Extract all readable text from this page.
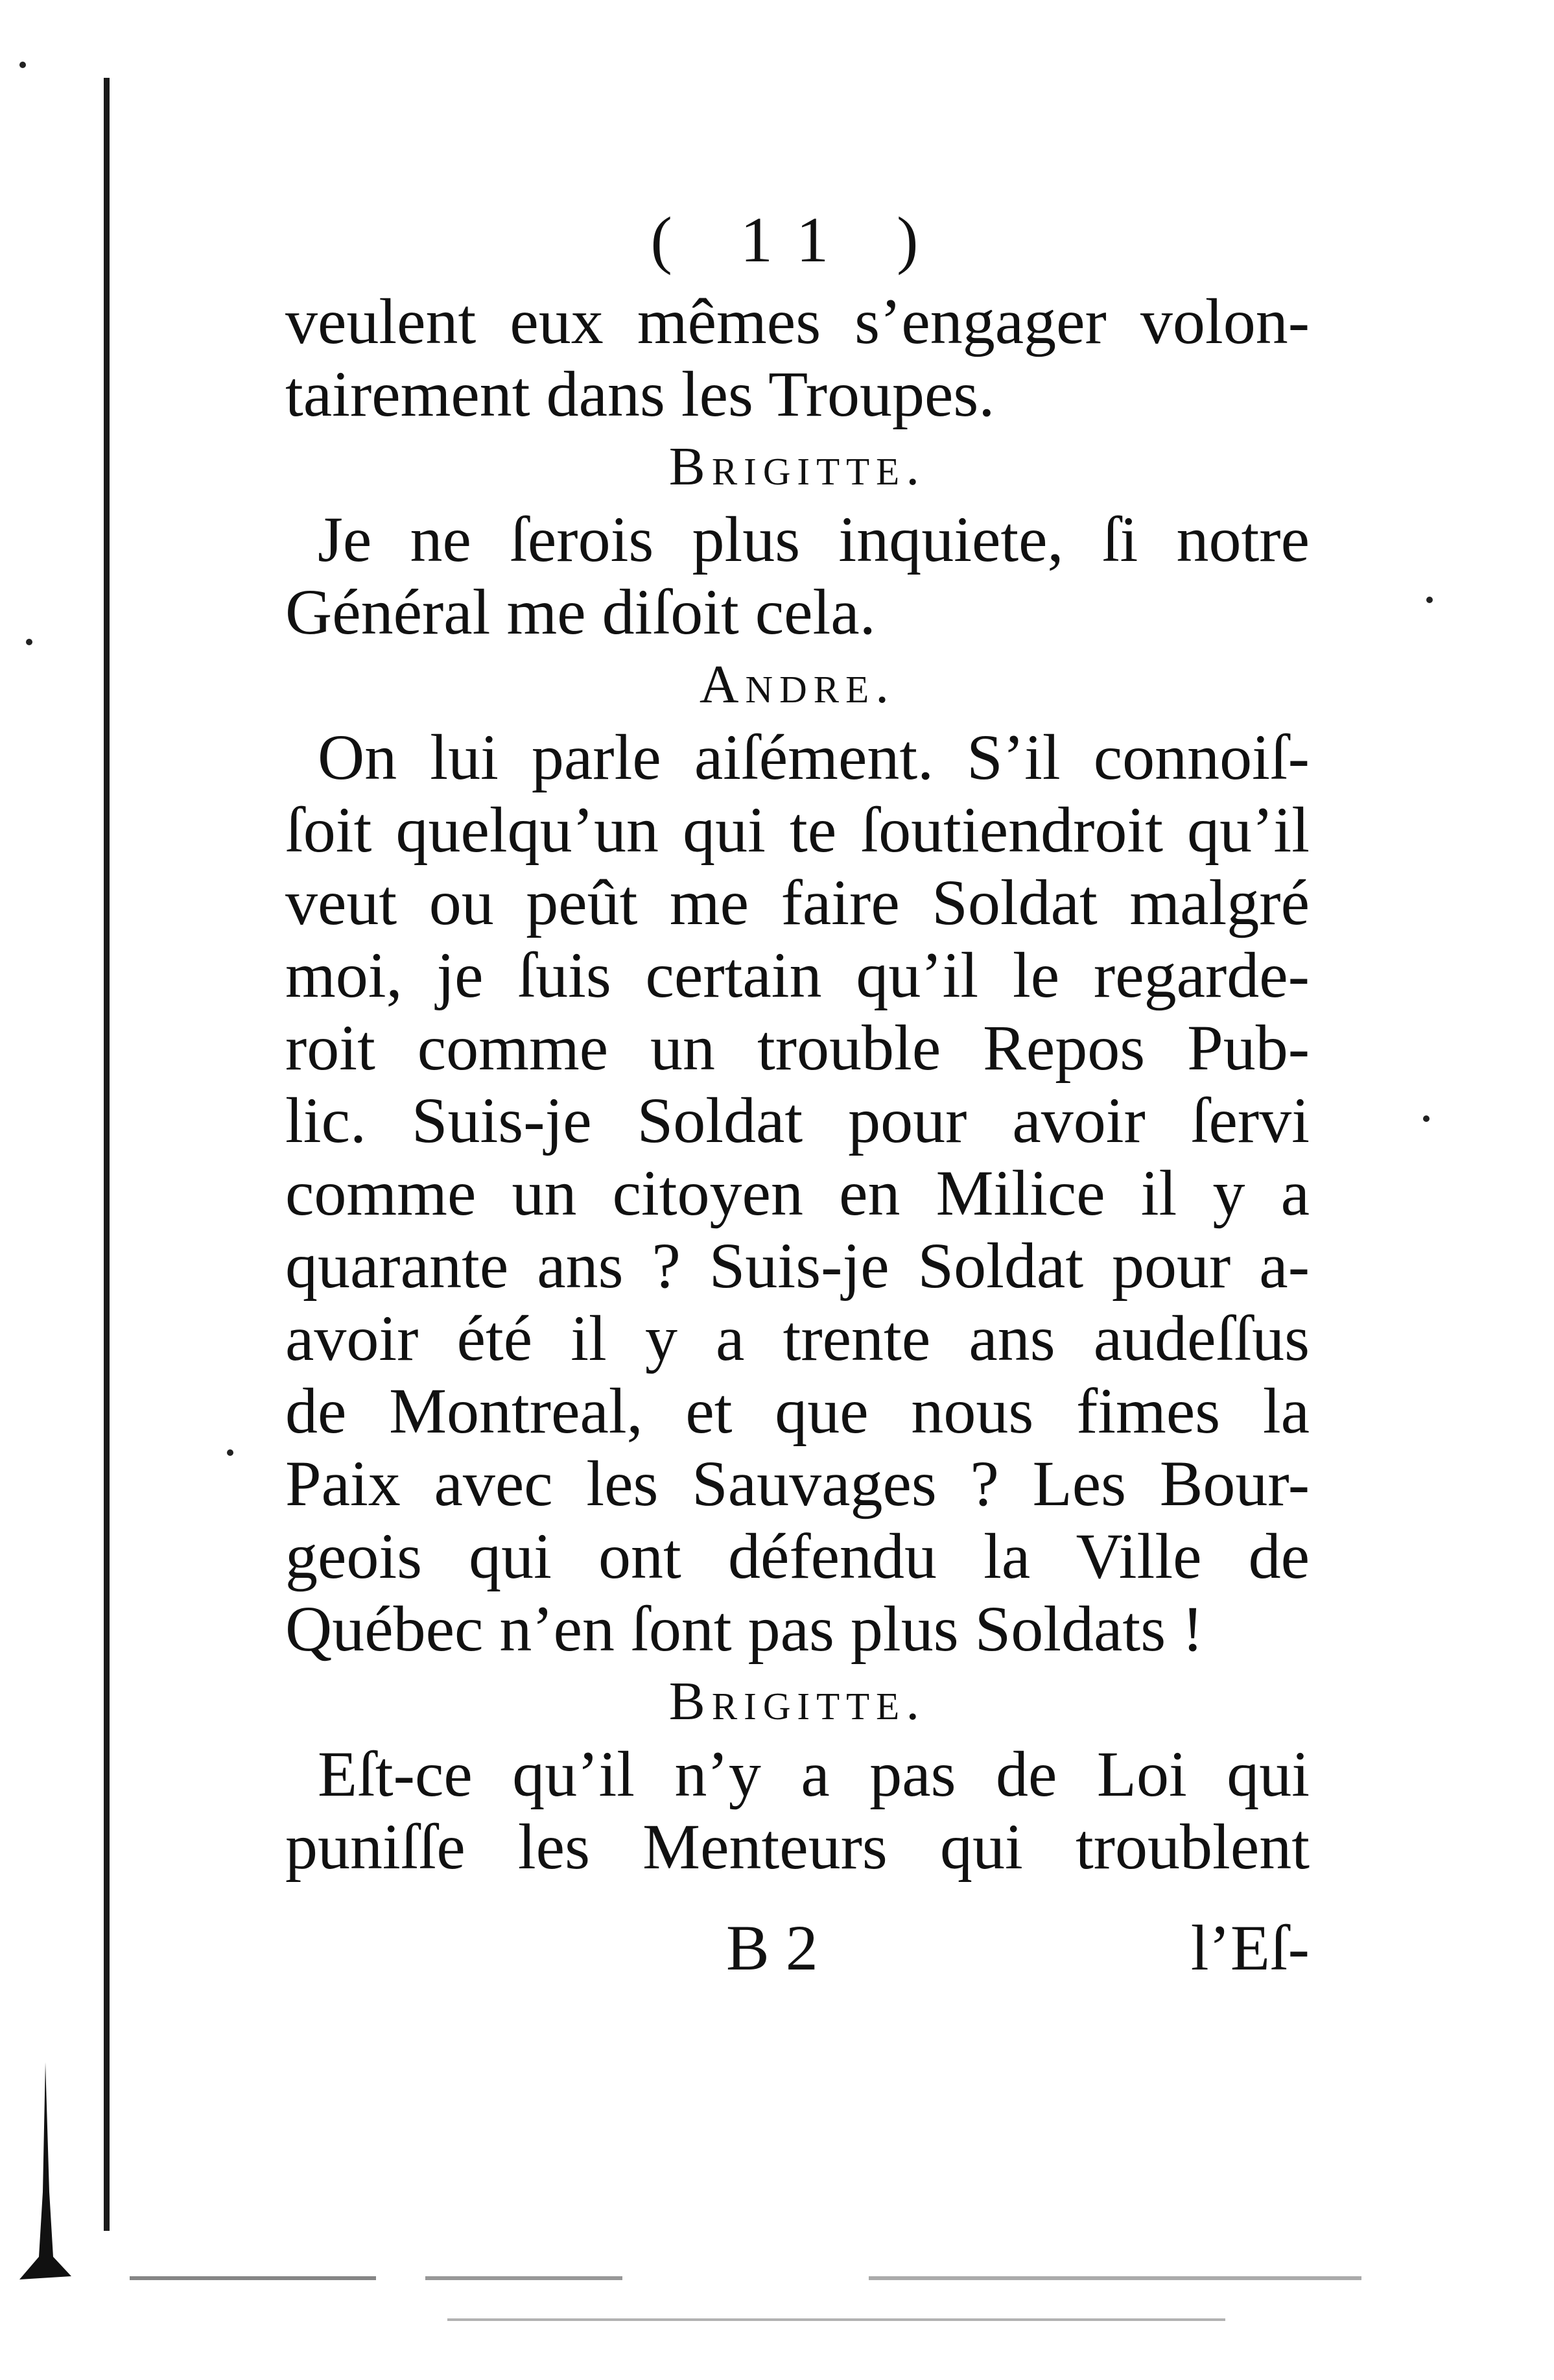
( 11 )
veulent eux mêmes s’engager volon-
tairement dans les Troupes.
Brigitte.
Je ne ſerois plus inquiete, ſi notre
Général me diſoit cela.
Andre.
On lui parle aiſément. S’il connoiſ-
ſoit quelqu’un qui te ſoutiendroit qu’il
veut ou peût me faire Soldat malgré
moi, je ſuis certain qu’il le regarde-
roit comme un trouble Repos Pub-
lic. Suis-je Soldat pour avoir ſervi
comme un citoyen en Milice il y a
quarante ans ? Suis-je Soldat pour a-
avoir été il y a trente ans audeſſus
de Montreal, et que nous fimes la
Paix avec les Sauvages ? Les Bour-
geois qui ont défendu la Ville de
Québec n’en ſont pas plus Soldats !
Brigitte.
Eſt-ce qu’il n’y a pas de Loi qui
puniſſe les Menteurs qui troublent
B 2	l’Eſ-
